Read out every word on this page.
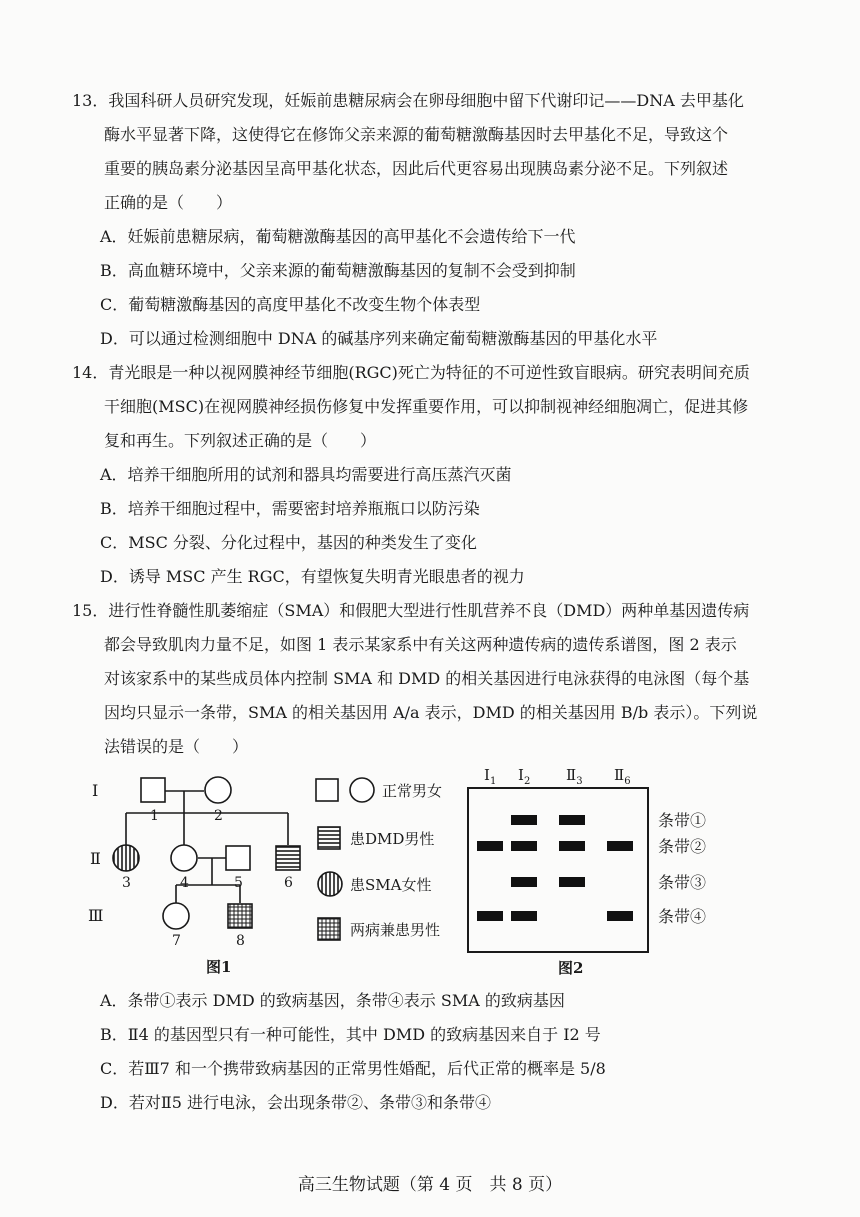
13．我国科研人员研究发现，妊娠前患糖尿病会在卵母细胞中留下代谢印记——DNA 去甲基化
酶水平显著下降，这使得它在修饰父亲来源的葡萄糖激酶基因时去甲基化不足，导致这个
重要的胰岛素分泌基因呈高甲基化状态，因此后代更容易出现胰岛素分泌不足。下列叙述
正确的是（　　）
A．妊娠前患糖尿病，葡萄糖激酶基因的高甲基化不会遗传给下一代
B．高血糖环境中，父亲来源的葡萄糖激酶基因的复制不会受到抑制
C．葡萄糖激酶基因的高度甲基化不改变生物个体表型
D．可以通过检测细胞中 DNA 的碱基序列来确定葡萄糖激酶基因的甲基化水平
14．青光眼是一种以视网膜神经节细胞(RGC)死亡为特征的不可逆性致盲眼病。研究表明间充质
干细胞(MSC)在视网膜神经损伤修复中发挥重要作用，可以抑制视神经细胞凋亡，促进其修
复和再生。下列叙述正确的是（　　）
A．培养干细胞所用的试剂和器具均需要进行高压蒸汽灭菌
B．培养干细胞过程中，需要密封培养瓶瓶口以防污染
C．MSC 分裂、分化过程中，基因的种类发生了变化
D．诱导 MSC 产生 RGC，有望恢复失明青光眼患者的视力
15．进行性脊髓性肌萎缩症（SMA）和假肥大型进行性肌营养不良（DMD）两种单基因遗传病
都会导致肌肉力量不足，如图 1 表示某家系中有关这两种遗传病的遗传系谱图，图 2 表示
对该家系中的某些成员体内控制 SMA 和 DMD 的相关基因进行电泳获得的电泳图（每个基
因均只显示一条带，SMA 的相关基因用 A/a 表示，DMD 的相关基因用 B/b 表示）。下列说
法错误的是（　　）
I
Ⅱ
Ⅲ
1	2
3	4	5	6
7	8
正常男女
患DMD男性
患SMA女性
两病兼患男性
图1
$I_1$ $I_2$ $Ⅱ_3$ $Ⅱ_6$
条带①
条带②
条带③
条带④
图2
A．条带①表示 DMD 的致病基因，条带④表示 SMA 的致病基因
B．Ⅱ4 的基因型只有一种可能性，其中 DMD 的致病基因来自于 I2 号
C．若Ⅲ7 和一个携带致病基因的正常男性婚配，后代正常的概率是 5/8
D．若对Ⅱ5 进行电泳，会出现条带②、条带③和条带④
高三生物试题（第 4 页　共 8 页）
